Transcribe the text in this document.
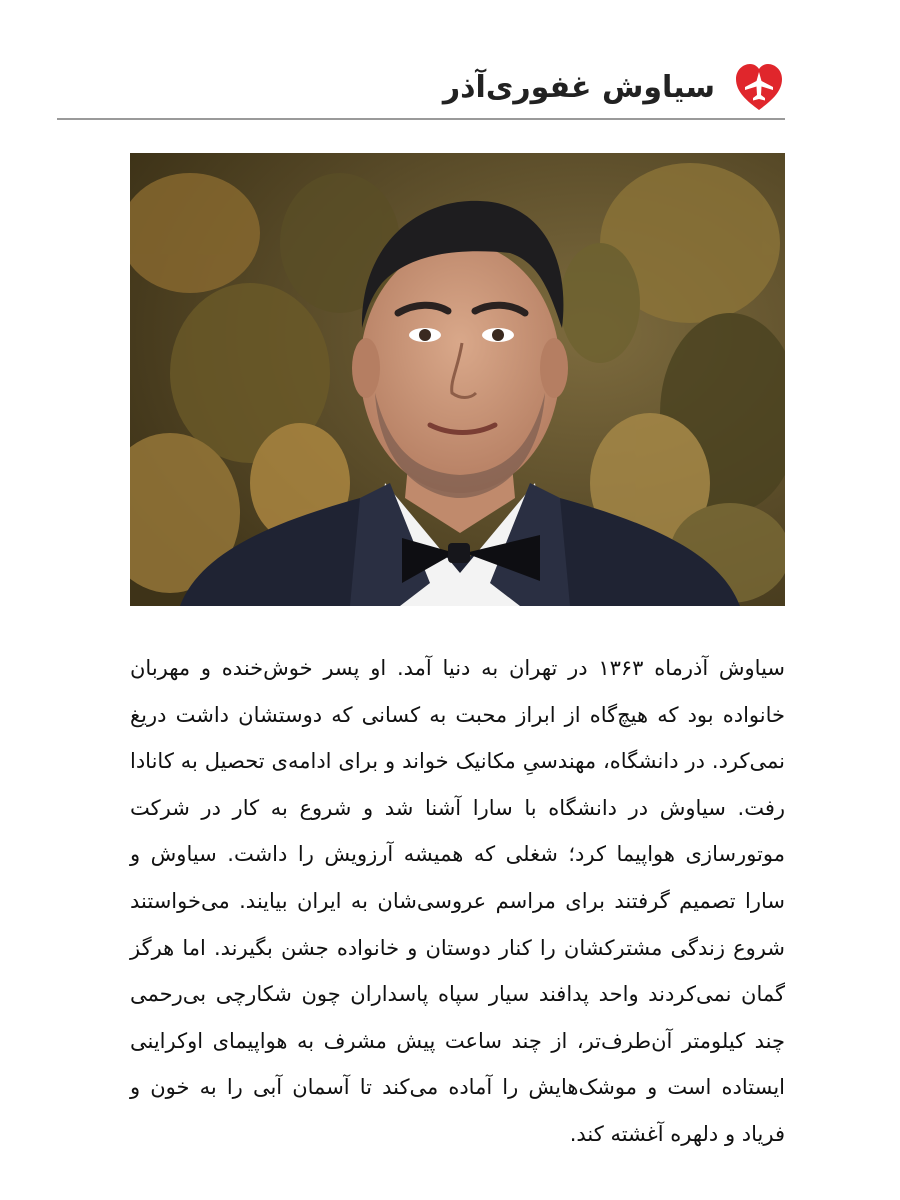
سیاوش غفوری‌آذر

سیاوش آذرماه ۱۳۶۳ در تهران به دنیا آمد. او پسر خوش‌خنده و مهربان خانواده بود که هیچ‌گاه از ابراز محبت به کسانی که دوستشان داشت دریغ نمی‌کرد. در دانشگاه، مهندسیِ مکانیک خواند و برای ادامه‌ی تحصیل به کانادا رفت. سیاوش در دانشگاه با سارا آشنا شد و شروع به کار در شرکت موتورسازی هواپیما کرد؛ شغلی که همیشه آرزویش را داشت. سیاوش و سارا تصمیم گرفتند برای مراسم عروسی‌شان به ایران بیایند. می‌خواستند شروع زندگی مشترکشان را کنار دوستان و خانواده جشن بگیرند. اما هرگز گمان نمی‌کردند واحد پدافند سیار سپاه پاسداران چون شکارچی بی‌رحمی چند کیلومتر آن‌طرف‌تر، از چند ساعت پیش مشرف به هواپیمای اوکراینی ایستاده است و موشک‌هایش را آماده می‌کند تا آسمان آبی را به خون و فریاد و دلهره آغشته کند.
